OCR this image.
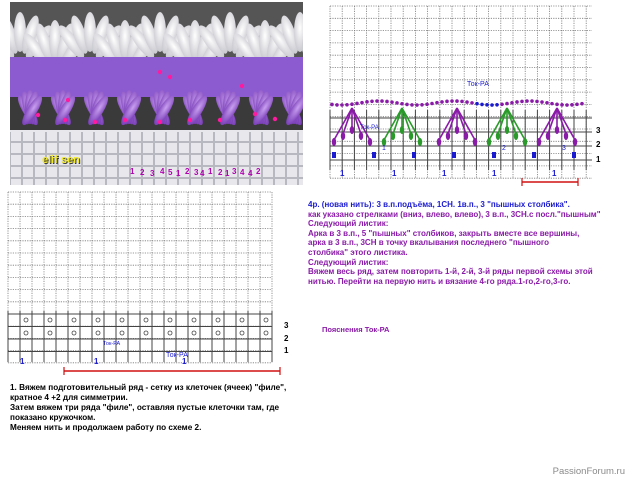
elif sen
1 2 3 4 5 1 2 3 4 1 2 1 3 4 4 2	1	1	1	1	1
2	3
1
Ток-РА
Ток-РА	3
2
1
4р. (новая нить): 3 в.п.подъёма, 1СН. 1в.п., 3 "пышных столбика".
как указано стрелками (вниз, влево, влево), 3 в.п., 3СН.с посл."пышным"
Следующий листик:
Арка в 3 в.п., 5 "пышных" столбиков, закрыть вместе все вершины,
арка в 3 в.п., 3СН в точку вкалывания последнего "пышного
столбика" этого листика.
Следующий листик:
Вяжем весь ряд, затем повторить 1-й, 2-й, 3-й ряды первой схемы этой
нитью. Перейти на первую нить и вязание 4-го ряда.1-го,2-го,3-го.
Пояснения Ток-РА
1	1	1
Ток-РА
Ток-РА
3
2
1
1. Вяжем подготовительный ряд - сетку из клеточек (ячеек) "филе",
кратное 4 +2 для симметрии.
Затем вяжем три ряда "филе", оставляя пустые клеточки там, где
показано кружочком.
Меняем нить и продолжаем работу по схеме 2.
PassionForum.ru
